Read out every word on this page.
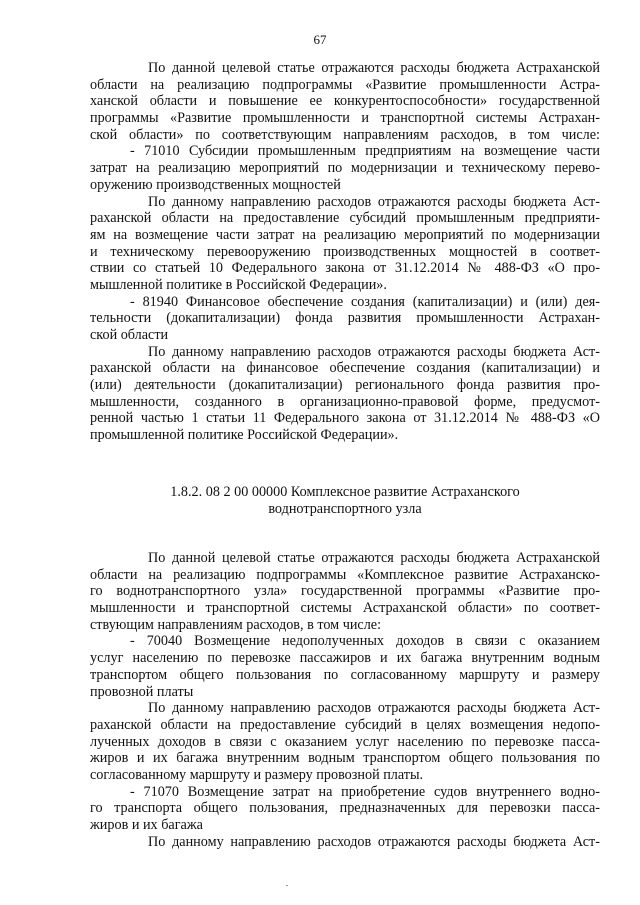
67
По данной целевой статье отражаются расходы бюджета Астраханской
области на реализацию подпрограммы «Развитие промышленности Астра-
ханской области и повышение ее конкурентоспособности» государственной
программы «Развитие промышленности и транспортной системы Астрахан-
ской области» по соответствующим направлениям расходов, в том числе:
- 71010 Субсидии промышленным предприятиям на возмещение части
затрат на реализацию мероприятий по модернизации и техническому перево-
оружению производственных мощностей
По данному направлению расходов отражаются расходы бюджета Аст-
раханской области на предоставление субсидий промышленным предприяти-
ям на возмещение части затрат на реализацию мероприятий по модернизации
и техническому перевооружению производственных мощностей в соответ-
ствии со статьей 10 Федерального закона от 31.12.2014 № 488-ФЗ «О про-
мышленной политике в Российской Федерации».
- 81940 Финансовое обеспечение создания (капитализации) и (или) дея-
тельности (докапитализации) фонда развития промышленности Астрахан-
ской области
По данному направлению расходов отражаются расходы бюджета Аст-
раханской области на финансовое обеспечение создания (капитализации) и
(или) деятельности (докапитализации) регионального фонда развития про-
мышленности, созданного в организационно-правовой форме, предусмот-
ренной частью 1 статьи 11 Федерального закона от 31.12.2014 № 488-ФЗ «О
промышленной политике Российской Федерации».
1.8.2. 08 2 00 00000 Комплексное развитие Астраханского
воднотранспортного узла
По данной целевой статье отражаются расходы бюджета Астраханской
области на реализацию подпрограммы «Комплексное развитие Астраханско-
го воднотранспортного узла» государственной программы «Развитие про-
мышленности и транспортной системы Астраханской области» по соответ-
ствующим направлениям расходов, в том числе:
- 70040 Возмещение недополученных доходов в связи с оказанием
услуг населению по перевозке пассажиров и их багажа внутренним водным
транспортом общего пользования по согласованному маршруту и размеру
провозной платы
По данному направлению расходов отражаются расходы бюджета Аст-
раханской области на предоставление субсидий в целях возмещения недопо-
лученных доходов в связи с оказанием услуг населению по перевозке пасса-
жиров и их багажа внутренним водным транспортом общего пользования по
согласованному маршруту и размеру провозной платы.
- 71070 Возмещение затрат на приобретение судов внутреннего водно-
го транспорта общего пользования, предназначенных для перевозки пасса-
жиров и их багажа
По данному направлению расходов отражаются расходы бюджета Аст-
